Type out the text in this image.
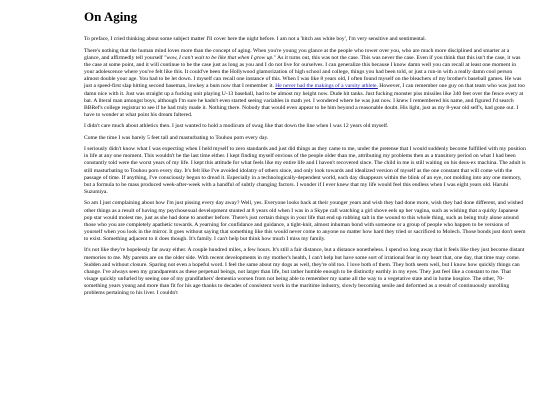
On Aging

To preface, I cried thinking about some subject matter I'll cover here the night before. I am not a 'bitch ass white boy', I'm very sensitive and sentimental.

There's nothing that the human mind loves more than the concept of aging. When you're young you glance at the people who tower over you, who are much more disciplined and smarter at a glance, and affirmedly tell yourself "wow, I can't wait to be like that when I grow up." As it turns out, this was not the case. This was never the case. Even if you think that this isn't the case, it was the case at some point, and it will continue to be the case just as long as you and I do not live for ourselves. I can generalize this because I know damn well you can recall at least one moment in your adolescence where you've felt like this. It could've been the Hollywood glamorization of high school and college, things you had been told, or just a run-in with a really damn cool person almost double your age. You had to be let down. I myself can recall one instance of this. When I was like 8 years old, I often found myself on the bleachers of my brother's baseball games. He was just a speed-first slap hitting second baseman, lowkey a bum now that I remember it. He never had the makings of a varsity athlete. However, I can remember one guy on that team who was just too damn nice with it. Just was straight up a fucking unit playing U-13 baseball, had to be almost my height now. Dude hit tanks. Just fucking monster piss missiles like 340 feet over the fence every at bat. A literal man amongst boys, although I'm sure he hadn't even started seeing variables in math yet. I wondered where he was just now. I knew I remembered his name, and figured I'd search BBRef's college registrar to see if he had truly made it. Nothing there. Nobody that would even appear to be him beyond a reasonable doubt. His light, just as my 8-year old self's, had gone out. I have to wonder at what point his dream faltered.

I didn't care much about athletics then. I just wanted to hold a modicum of swag like that down the line when I was 12 years old myself.

Come the time I was barely 5 feet tall and masturbating to Touhou porn every day.

I seriously didn't know what I was expecting when I held myself to zero standards and just did things as they came to me, under the pretense that I would suddenly become fulfilled with my position in life at any one moment. This wouldn't be the last time either. I kept finding myself envious of the people older than me, attributing my problems then as a transitory period on what I had been constantly told were the worst years of my life. I kept this attitude for what feels like my entire life and I haven't recovered since. The child in me is still waiting on his deus-ex machina. The adult is still masturbating to Touhou porn every day. It's felt like I've avoided idolatry of others since, and only look towards and idealized version of myself as the one constant that will come with the passage of time. If anything, I've consciously begun to dread it. Especially in a technologically-dependent world, each day disappears within the blink of an eye, not molding into any one memory, but a formula to be mass produced week-after-week with a handful of subtly changing factors. I wonder if I ever knew that my life would feel this endless when I was eight years old. Haruhi Suzumiya.

So am I just complaining about how I'm just pissing every day away? Well, yes. Everyone looks back at their younger years and wish they had done more, wish they had done different, and wished other things as a result of having my psychosexual development stunted at 8 years old when I was in a Skype call watching a girl shove eels up her vagina, such as wishing that a quirky Japanese pop star would molest me, just as she had done to another before. There's just certain things in your life that end up rubbing salt in the wound to this whole thing, such as being truly alone around those who you are completely apathetic towards. A yearning for confidance and guidance, a tight-knit, almost inhuman bond with someone or a group of people who happen to be versions of yourself when you look in the mirror. It goes without saying that something like this would never come to anyone no matter how hard they tried or sacrificed to Molech. Those bonds just don't seem to exist. Something adjacent to it does though. It's family. I can't help but think how much I miss my family.

It's not like they're hopelessly far away either. A couple hundred miles, a few hours. It's still a fair distance, but a distance nonetheless. I spend so long away that it feels like they just become distant memories to me. My parents are on the older side. With recent developments in my mother's health, I can't help but have some sort of irrational fear in my heart that, one day, that time may come. Sudden and without closure. Sparing not even a hopeful word. I feel the same about my dogs as well, they're old too. I love both of them. They both seem well, but I know how quickly things can change. I've always seen my grandparents as these perpetual beings, not larger than life, but rather humble enough to be distinctly earthly in my eyes. They just feel like a constant to me. That visage quickly unfurled by seeing one of my grandfathers' dementia worsen from not being able to remember my name all the way to a vegetative state and in home hospice. The other, 70-something years young and more than fit for his age thanks to decades of consistent work in the maritime industry, slowly becoming senile and deformed as a result of continuously unrolling problems pertaining to his liver. I couldn't
